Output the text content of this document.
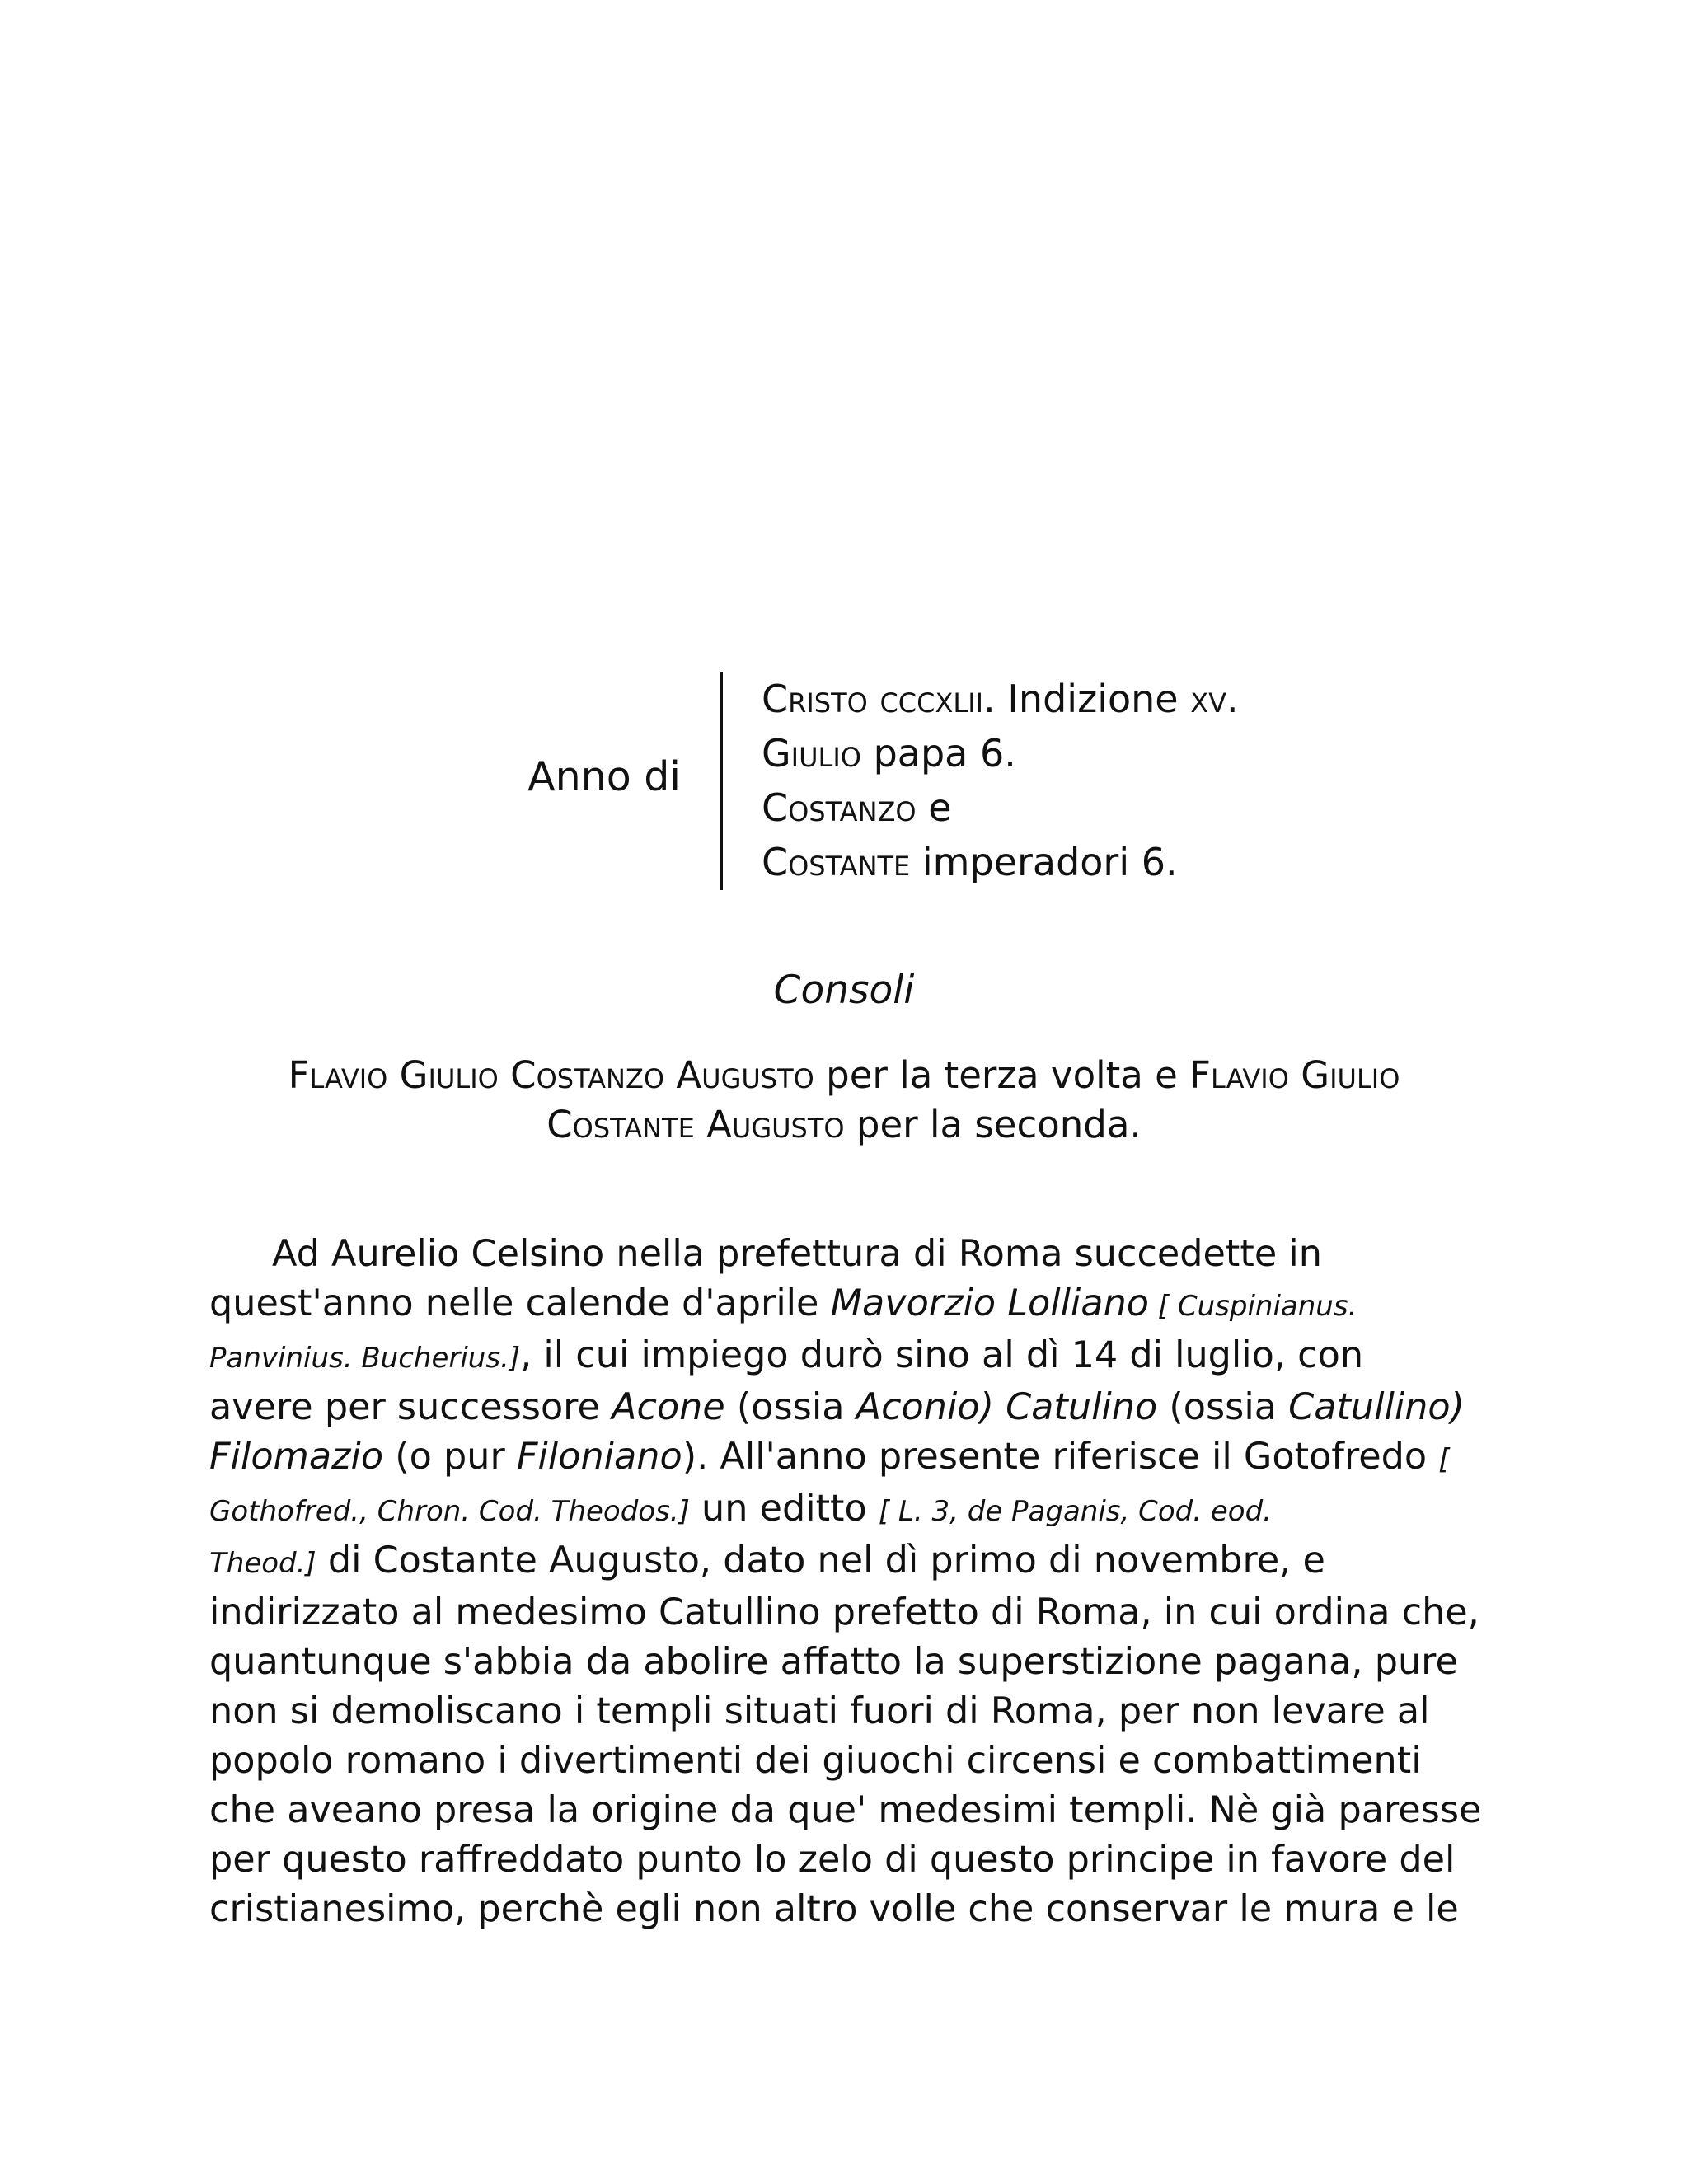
Anno di
Cristo cccxlii. Indizione xv.
Giulio papa 6.
Costanzo e
Costante imperadori 6.
Consoli
Flavio Giulio Costanzo Augusto per la terza volta e Flavio Giulio Costante Augusto per la seconda.
Ad Aurelio Celsino nella prefettura di Roma succedette in
quest'anno nelle calende d'aprile Mavorzio Lolliano [ Cuspinianus.
Panvinius. Bucherius.], il cui impiego durò sino al dì 14 di luglio, con
avere per successore Acone (ossia Aconio) Catulino (ossia Catullino)
Filomazio (o pur Filoniano). All'anno presente riferisce il Gotofredo [
Gothofred., Chron. Cod. Theodos.] un editto [ L. 3, de Paganis, Cod. eod.
Theod.] di Costante Augusto, dato nel dì primo di novembre, e
indirizzato al medesimo Catullino prefetto di Roma, in cui ordina che,
quantunque s'abbia da abolire affatto la superstizione pagana, pure
non si demoliscano i templi situati fuori di Roma, per non levare al
popolo romano i divertimenti dei giuochi circensi e combattimenti
che aveano presa la origine da que' medesimi templi. Nè già paresse
per questo raffreddato punto lo zelo di questo principe in favore del
cristianesimo, perchè egli non altro volle che conservar le mura e le
